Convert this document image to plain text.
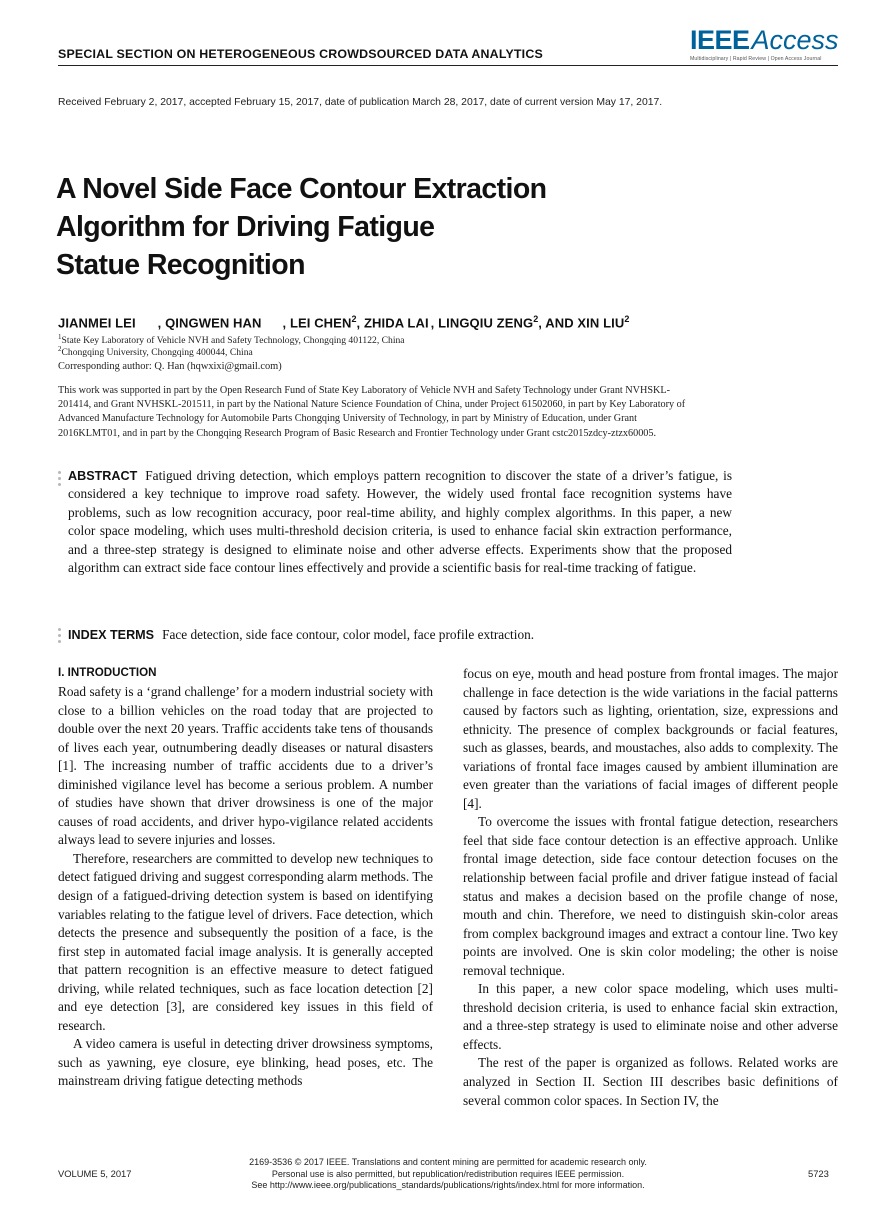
SPECIAL SECTION ON HETEROGENEOUS CROWDSOURCED DATA ANALYTICS	IEEEAccess
Multidisciplinary | Rapid Review | Open Access Journal
Received February 2, 2017, accepted February 15, 2017, date of publication March 28, 2017, date of current version May 17, 2017.
A Novel Side Face Contour Extraction
Algorithm for Driving Fatigue
Statue Recognition
JIANMEI LEI , QINGWEN HAN , LEI CHEN$^2$, ZHIDA LAI , LINGQIU ZENG$^2$, AND XIN LIU$^2$
$^1$State Key Laboratory of Vehicle NVH and Safety Technology, Chongqing 401122, China
$^2$Chongqing University, Chongqing 400044, China
Corresponding author: Q. Han (hqwxixi@gmail.com)
This work was supported in part by the Open Research Fund of State Key Laboratory of Vehicle NVH and Safety Technology under Grant NVHSKL-201414, and Grant NVHSKL-201511, in part by the National Nature Science Foundation of China, under Project 61502060, in part by Key Laboratory of Advanced Manufacture Technology for Automobile Parts Chongqing University of Technology, in part by Ministry of Education, under Grant 2016KLMT01, and in part by the Chongqing Research Program of Basic Research and Frontier Technology under Grant cstc2015zdcy-ztzx60005.
ABSTRACT Fatigued driving detection, which employs pattern recognition to discover the state of a driver’s fatigue, is considered a key technique to improve road safety. However, the widely used frontal face recognition systems have problems, such as low recognition accuracy, poor real-time ability, and highly complex algorithms. In this paper, a new color space modeling, which uses multi-threshold decision criteria, is used to enhance facial skin extraction performance, and a three-step strategy is designed to eliminate noise and other adverse effects. Experiments show that the proposed algorithm can extract side face contour lines effectively and provide a scientific basis for real-time tracking of fatigue.
INDEX TERMS Face detection, side face contour, color model, face profile extraction.
I. INTRODUCTION

Road safety is a ‘grand challenge’ for a modern industrial society with close to a billion vehicles on the road today that are projected to double over the next 20 years. Traffic accidents take tens of thousands of lives each year, outnumbering deadly diseases or natural disasters [1]. The increasing number of traffic accidents due to a driver’s diminished vigilance level has become a serious problem. A number of studies have shown that driver drowsiness is one of the major causes of road accidents, and driver hypo-vigilance related accidents always lead to severe injuries and losses.

Therefore, researchers are committed to develop new techniques to detect fatigued driving and suggest corresponding alarm methods. The design of a fatigued-driving detection system is based on identifying variables relating to the fatigue level of drivers. Face detection, which detects the presence and subsequently the position of a face, is the first step in automated facial image analysis. It is generally accepted that pattern recognition is an effective measure to detect fatigued driving, while related techniques, such as face location detection [2] and eye detection [3], are considered key issues in this field of research.

A video camera is useful in detecting driver drowsiness symptoms, such as yawning, eye closure, eye blinking, head poses, etc. The mainstream driving fatigue detecting methods

focus on eye, mouth and head posture from frontal images. The major challenge in face detection is the wide variations in the facial patterns caused by factors such as lighting, orientation, size, expressions and ethnicity. The presence of complex backgrounds or facial features, such as glasses, beards, and moustaches, also adds to complexity. The variations of frontal face images caused by ambient illumination are even greater than the variations of facial images of different people [4].

To overcome the issues with frontal fatigue detection, researchers feel that side face contour detection is an effective approach. Unlike frontal image detection, side face contour detection focuses on the relationship between facial profile and driver fatigue instead of facial status and makes a decision based on the profile change of nose, mouth and chin. Therefore, we need to distinguish skin-color areas from complex background images and extract a contour line. Two key points are involved. One is skin color modeling; the other is noise removal technique.

In this paper, a new color space modeling, which uses multi-threshold decision criteria, is used to enhance facial skin extraction, and a three-step strategy is used to eliminate noise and other adverse effects.

The rest of the paper is organized as follows. Related works are analyzed in Section II. Section III describes basic definitions of several common color spaces. In Section IV, the

VOLUME 5, 2017
2169-3536 © 2017 IEEE. Translations and content mining are permitted for academic research only.
Personal use is also permitted, but republication/redistribution requires IEEE permission.
See http://www.ieee.org/publications_standards/publications/rights/index.html for more information.
5723
